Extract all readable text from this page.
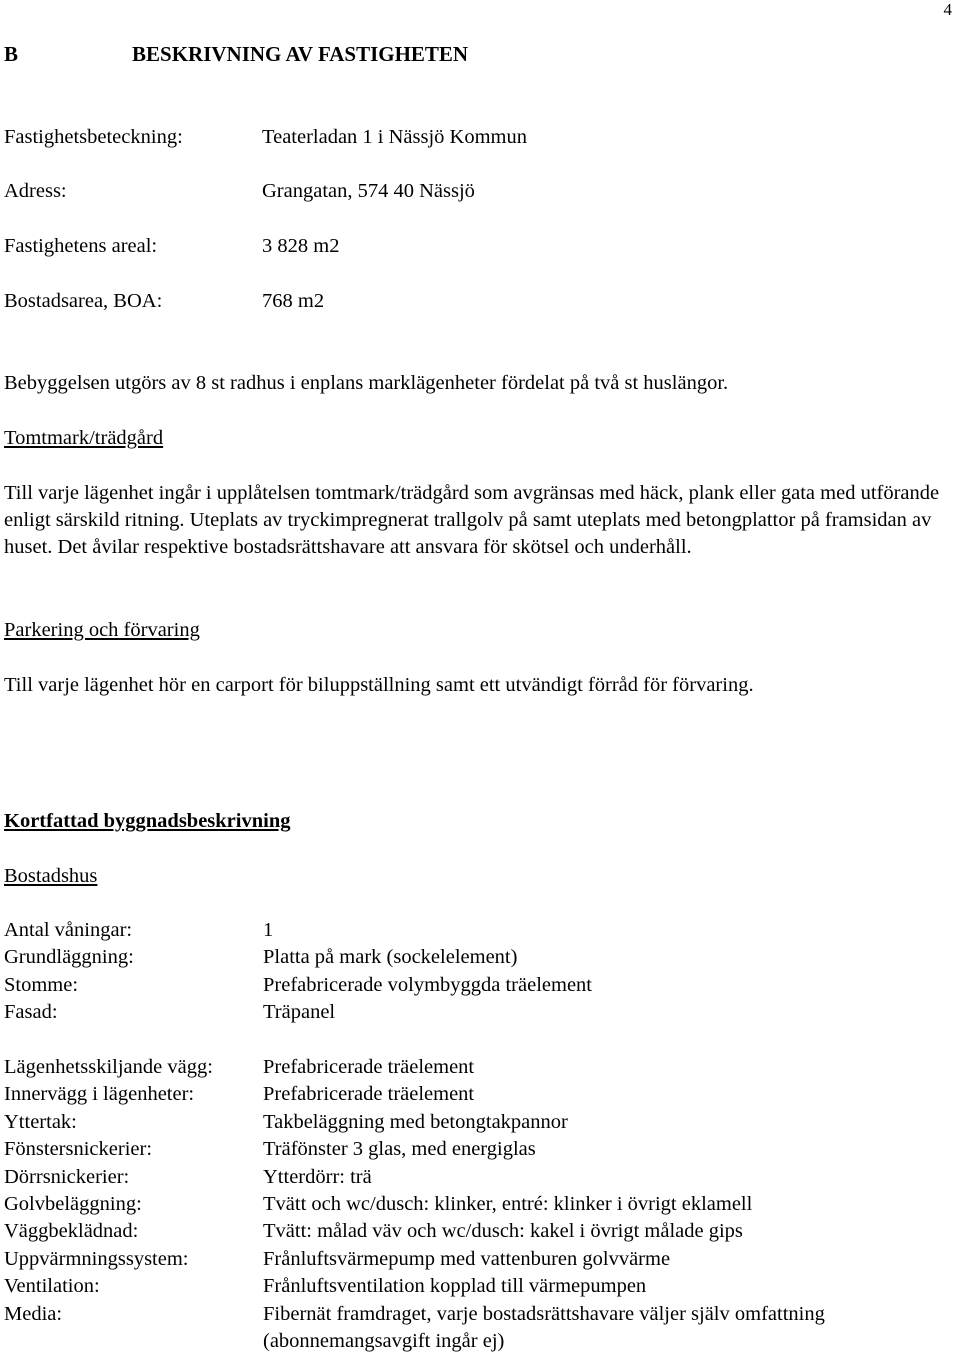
4
B	BESKRIVNING AV FASTIGHETEN
Fastighetsbeteckning:	Teaterladan 1 i Nässjö Kommun
Adress:	Grangatan, 574 40 Nässjö
Fastighetens areal:	3 828 m2
Bostadsarea, BOA:	768 m2
Bebyggelsen utgörs av 8 st radhus i enplans marklägenheter fördelat på två st huslängor.
Tomtmark/trädgård
Till varje lägenhet ingår i upplåtelsen tomtmark/trädgård som avgränsas med häck, plank eller gata med utförande enligt särskild ritning. Uteplats av tryckimpregnerat trallgolv på samt uteplats med betongplattor på framsidan av huset. Det åvilar respektive bostadsrättshavare att ansvara för skötsel och underhåll.
Parkering och förvaring
Till varje lägenhet hör en carport för biluppställning samt ett utvändigt förråd för förvaring.
Kortfattad byggnadsbeskrivning
Bostadshus
Antal våningar:	1
Grundläggning:	Platta på mark (sockelelement)
Stomme:	Prefabricerade volymbyggda träelement
Fasad:	Träpanel
Lägenhetsskiljande vägg: Prefabricerade träelement
Innervägg i lägenheter:	Prefabricerade träelement
Yttertak:	Takbeläggning med betongtakpannor
Fönstersnickerier:	Träfönster 3 glas, med energiglas
Dörrsnickerier:	Ytterdörr: trä
Golvbeläggning:	Tvätt och wc/dusch: klinker, entré: klinker i övrigt eklamell
Väggbeklädnad:	Tvätt: målad väv och wc/dusch: kakel i övrigt målade gips
Uppvärmningssystem:	Frånluftsvärmepump med vattenburen golvvärme
Ventilation:	Frånluftsventilation kopplad till värmepumpen
Media:	Fibernät framdraget, varje bostadsrättshavare väljer själv omfattning
(abonnemangsavgift ingår ej)
